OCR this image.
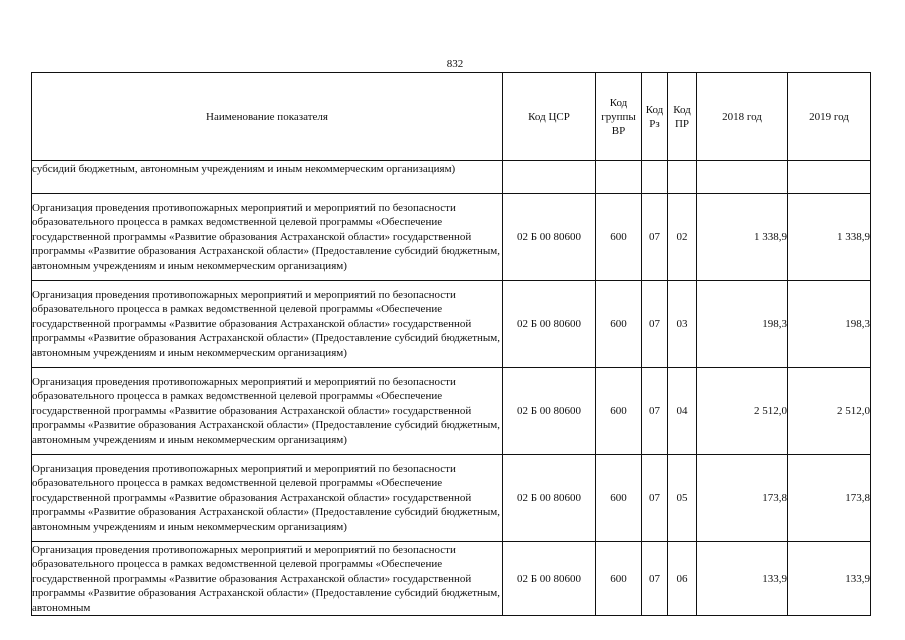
832
Наименование показателя	Код ЦСР	Код группы ВР	Код Рз	Код ПР	2018 год	2019 год
субсидий бюджетным, автономным учреждениям и иным некоммерческим организациям)						
Организация проведения противопожарных мероприятий и мероприятий по безопасности образовательного процесса в рамках ведомственной целевой программы «Обеспечение государственной программы «Развитие образования Астраханской области» государственной программы «Развитие образования Астраханской области» (Предоставление субсидий бюджетным, автономным учреждениям и иным некоммерческим организациям)	02 Б 00 80600	600	07	02	1 338,9	1 338,9
Организация проведения противопожарных мероприятий и мероприятий по безопасности образовательного процесса в рамках ведомственной целевой программы «Обеспечение государственной программы «Развитие образования Астраханской области» государственной программы «Развитие образования Астраханской области» (Предоставление субсидий бюджетным, автономным учреждениям и иным некоммерческим организациям)	02 Б 00 80600	600	07	03	198,3	198,3
Организация проведения противопожарных мероприятий и мероприятий по безопасности образовательного процесса в рамках ведомственной целевой программы «Обеспечение государственной программы «Развитие образования Астраханской области» государственной программы «Развитие образования Астраханской области» (Предоставление субсидий бюджетным, автономным учреждениям и иным некоммерческим организациям)	02 Б 00 80600	600	07	04	2 512,0	2 512,0
Организация проведения противопожарных мероприятий и мероприятий по безопасности образовательного процесса в рамках ведомственной целевой программы «Обеспечение государственной программы «Развитие образования Астраханской области» государственной программы «Развитие образования Астраханской области» (Предоставление субсидий бюджетным, автономным учреждениям и иным некоммерческим организациям)	02 Б 00 80600	600	07	05	173,8	173,8
Организация проведения противопожарных мероприятий и мероприятий по безопасности образовательного процесса в рамках ведомственной целевой программы «Обеспечение государственной программы «Развитие образования Астраханской области» государственной программы «Развитие образования Астраханской области» (Предоставление субсидий бюджетным, автономным	02 Б 00 80600	600	07	06	133,9	133,9
